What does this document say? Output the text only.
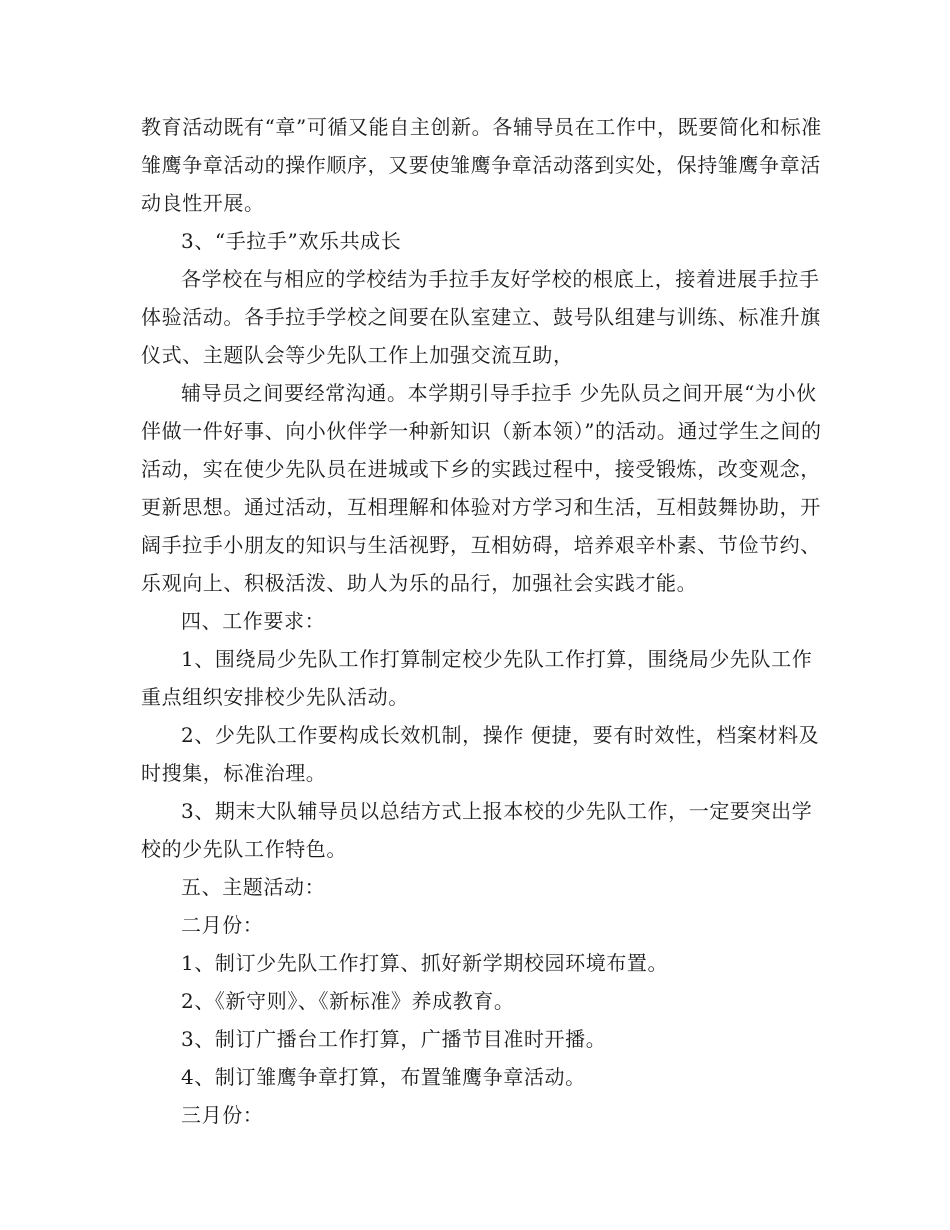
教育活动既有“章”可循又能自主创新。各辅导员在工作中，既要简化和标准雏鹰争章活动的操作顺序，又要使雏鹰争章活动落到实处，保持雏鹰争章活动良性开展。

3、“手拉手”欢乐共成长

各学校在与相应的学校结为手拉手友好学校的根底上，接着进展手拉手体验活动。各手拉手学校之间要在队室建立、鼓号队组建与训练、标准升旗仪式、主题队会等少先队工作上加强交流互助，

辅导员之间要经常沟通。本学期引导手拉手 少先队员之间开展“为小伙伴做一件好事、向小伙伴学一种新知识（新本领）”的活动。通过学生之间的活动，实在使少先队员在进城或下乡的实践过程中，接受锻炼，改变观念，更新思想。通过活动，互相理解和体验对方学习和生活，互相鼓舞协助，开阔手拉手小朋友的知识与生活视野，互相妨碍，培养艰辛朴素、节俭节约、乐观向上、积极活泼、助人为乐的品行，加强社会实践才能。

四、工作要求：

1、围绕局少先队工作打算制定校少先队工作打算，围绕局少先队工作重点组织安排校少先队活动。

2、少先队工作要构成长效机制，操作 便捷，要有时效性，档案材料及时搜集，标准治理。

3、期末大队辅导员以总结方式上报本校的少先队工作，一定要突出学校的少先队工作特色。

五、主题活动：

二月份：

1、制订少先队工作打算、抓好新学期校园环境布置。

2、《新守则》、《新标准》养成教育。

3、制订广播台工作打算，广播节目准时开播。

4、制订雏鹰争章打算，布置雏鹰争章活动。

三月份：
